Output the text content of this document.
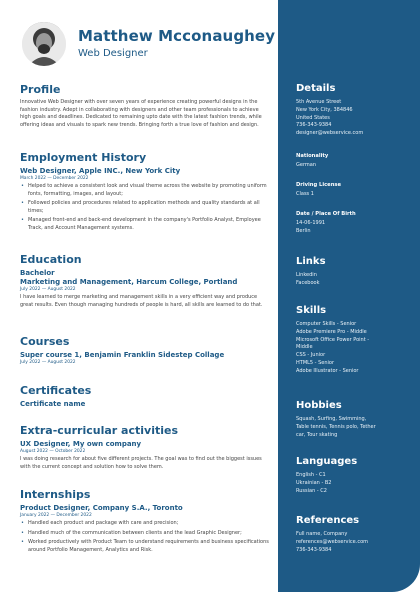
Matthew Mcconaughey
Web Designer
Profile
Innovative Web Designer with over seven years of experience creating powerful designs in the fashion industry. Adept in collaborating with designers and other team professionals to achieve high goals and deadlines. Dedicated to remaining upto date with the latest fashion trends, while offering ideas and visuals to spark new trends. Bringing forth a true love of fashion and design.
Employment History
Web Designer, Apple INC., New York City
March 2022 — December 2022
• Helped to achieve a consistent look and visual theme across the website by promoting uniform fonts, formatting, images, and layout;
• Followed policies and procedures related to application methods and quality standards at all times;
• Managed front-end and back-end development in the company's Portfolio Analyst, Employee Track, and Account Management systems.
Education
Bachelor
Marketing and Management, Harcum College, Portland
July 2022 — August 2022
I have learned to merge marketing and management skills in a very efficient way and produce great results. Even though managing hundreds of people is hard, all skills are learned to do that.
Courses
Super course 1, Benjamin Franklin Sidestep Collage
July 2022 — August 2022
Certificates
Certificate name
Extra-curricular activities
UX Designer, My own company
August 2022 — October 2022
I was doing research for about five different projects. The goal was to find out the biggest issues with the current concept and solution how to solve them.
Internships
Product Designer, Company S.A., Toronto
January 2022 — December 2022
• Handled each product and package with care and precision;
• Handled much of the communication between clients and the lead Graphic Designer;
• Worked productively with Product Team to understand requirements and business specifications around Portfolio Management, Analytics and Risk.
Details
5th Avenue Street
New York City, 384846
United States
736-343-9384
designer@webservice.com
Nationality
German
Driving License
Class 1
Date / Place Of Birth
14-06-1991
Berlin
Links
Linkedin
Facebook
Skills
Computer Skills - Senior
Adobe Premiere Pro - Middle
Microsoft Office Power Point - Middle
CSS - Junior
HTML5 - Senior
Adobe Illustrator - Senior
Hobbies
Squash, Surfing, Swimming, Table tennis, Tennis polo, Tether car, Tour skating
Languages
English - C1
Ukrainian - B2
Russian - C2
References
Full name, Company
references@webservice.com
736-343-9384
